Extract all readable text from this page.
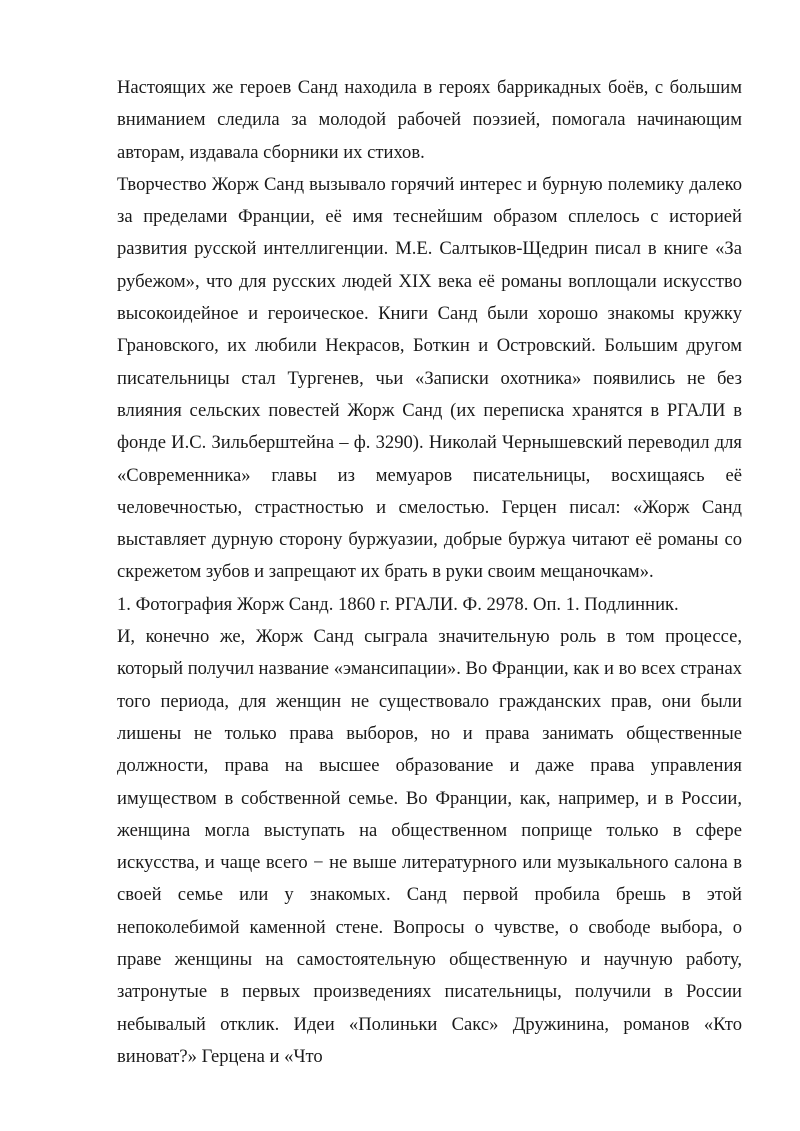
Настоящих же героев Санд находила в героях баррикадных боёв, с большим вниманием следила за молодой рабочей поэзией, помогала начинающим авторам, издавала сборники их стихов.

Творчество Жорж Санд вызывало горячий интерес и бурную полемику далеко за пределами Франции, её имя теснейшим образом сплелось с историей развития русской интеллигенции. М.Е. Салтыков-Щедрин писал в книге «За рубежом», что для русских людей XIX века её романы воплощали искусство высокоидейное и героическое. Книги Санд были хорошо знакомы кружку Грановского, их любили Некрасов, Боткин и Островский. Большим другом писательницы стал Тургенев, чьи «Записки охотника» появились не без влияния сельских повестей Жорж Санд (их переписка хранятся в РГАЛИ в фонде И.С. Зильберштейна – ф. 3290). Николай Чернышевский переводил для «Современника» главы из мемуаров писательницы, восхищаясь её человечностью, страстностью и смелостью. Герцен писал: «Жорж Санд выставляет дурную сторону буржуазии, добрые буржуа читают её романы со скрежетом зубов и запрещают их брать в руки своим мещаночкам».

1. Фотография Жорж Санд. 1860 г. РГАЛИ. Ф. 2978. Оп. 1. Подлинник.

И, конечно же, Жорж Санд сыграла значительную роль в том процессе, который получил название «эмансипации». Во Франции, как и во всех странах того периода, для женщин не существовало гражданских прав, они были лишены не только права выборов, но и права занимать общественные должности, права на высшее образование и даже права управления имуществом в собственной семье. Во Франции, как, например, и в России, женщина могла выступать на общественном поприще только в сфере искусства, и чаще всего − не выше литературного или музыкального салона в своей семье или у знакомых. Санд первой пробила брешь в этой непоколебимой каменной стене. Вопросы о чувстве, о свободе выбора, о праве женщины на самостоятельную общественную и научную работу, затронутые в первых произведениях писательницы, получили в России небывалый отклик. Идеи «Полиньки Сакс» Дружинина, романов «Кто виноват?» Герцена и «Что
